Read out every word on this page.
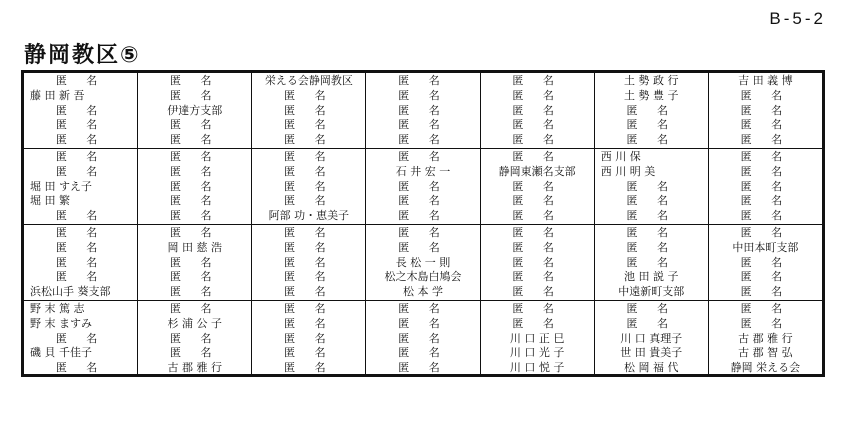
B-5-2
静岡教区⑤
匿 名
藤 田 新 吾
匿 名
匿 名
匿 名
匿 名
匿 名
伊達方支部
匿 名
匿 名
栄える会静岡教区
匿 名
匿 名
匿 名
匿 名
匿 名
匿 名
匿 名
匿 名
匿 名
匿 名
匿 名
匿 名
匿 名
匿 名
土 勢 政 行
土 勢 豊 子
匿 名
匿 名
匿 名
吉 田 義 博
匿 名
匿 名
匿 名
匿 名
匿 名
匿 名
堀 田 すえ子
堀 田 繁
匿 名
匿 名
匿 名
匿 名
匿 名
匿 名
匿 名
匿 名
匿 名
匿 名
阿部 功・恵美子
匿 名
石 井 宏 一
匿 名
匿 名
匿 名
匿 名
静岡東瀬名支部
匿 名
匿 名
匿 名
西 川 保
西 川 明 美
匿 名
匿 名
匿 名
匿 名
匿 名
匿 名
匿 名
匿 名
匿 名
匿 名
匿 名
匿 名
浜松山手 葵支部
匿 名
岡 田 慈 浩
匿 名
匿 名
匿 名
匿 名
匿 名
匿 名
匿 名
匿 名
匿 名
匿 名
長 松 一 則
松之木島白鳩会
松 本 学
匿 名
匿 名
匿 名
匿 名
匿 名
匿 名
匿 名
匿 名
池 田 説 子
中遠新町支部
匿 名
中田本町支部
匿 名
匿 名
匿 名
野 末 篤 志
野 末 ますみ
匿 名
磯 貝 千佳子
匿 名
匿 名
杉 浦 公 子
匿 名
匿 名
古 郡 雅 行
匿 名
匿 名
匿 名
匿 名
匿 名
匿 名
匿 名
匿 名
匿 名
匿 名
匿 名
匿 名
川 口 正 巳
川 口 光 子
川 口 悦 子
匿 名
匿 名
川 口 真理子
世 田 貴美子
松 岡 福 代
匿 名
匿 名
古 郡 雅 行
古 郡 智 弘
静岡 栄える会
